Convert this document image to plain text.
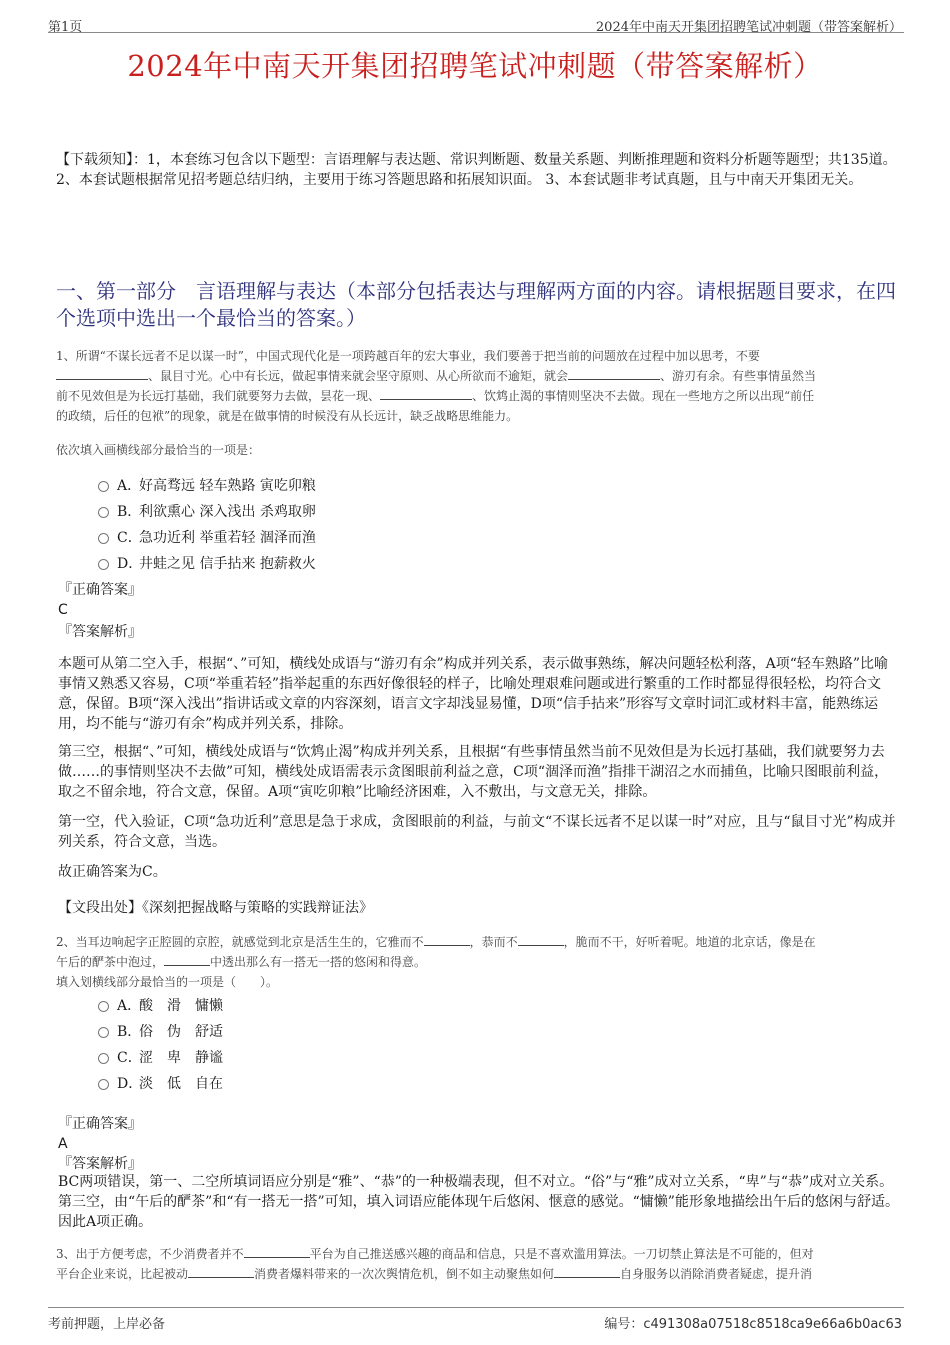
第1页	2024年中南天开集团招聘笔试冲刺题（带答案解析）
2024年中南天开集团招聘笔试冲刺题（带答案解析）
【下载须知】：1，本套练习包含以下题型：言语理解与表达题、常识判断题、数量关系题、判断推理题和资料分析题等题型；共135道。 2、本套试题根据常见招考题总结归纳，主要用于练习答题思路和拓展知识面。 3、本套试题非考试真题，且与中南天开集团无关。
一、第一部分　言语理解与表达（本部分包括表达与理解两方面的内容。请根据题目要求，在四个选项中选出一个最恰当的答案。）
1、所谓“不谋长远者不足以谋一时”，中国式现代化是一项跨越百年的宏大事业，我们要善于把当前的问题放在过程中加以思考，不要
、鼠目寸光。心中有长远，做起事情来就会坚守原则、从心所欲而不逾矩，就会	、游刃有余。有些事情虽然当
前不见效但是为长远打基础，我们就要努力去做，昙花一现、	、饮鸩止渴的事情则坚决不去做。现在一些地方之所以出现“前任
的政绩，后任的包袱”的现象，就是在做事情的时候没有从长远计，缺乏战略思维能力。
依次填入画横线部分最恰当的一项是：
A．好高骛远 轻车熟路 寅吃卯粮
B．利欲熏心 深入浅出 杀鸡取卵
C．急功近利 举重若轻 涸泽而渔
D．井蛙之见 信手拈来 抱薪救火
『正确答案』
C
『答案解析』
本题可从第二空入手，根据“、”可知，横线处成语与“游刃有余”构成并列关系，表示做事熟练，解决问题轻松利落，A项“轻车熟路”比喻事情又熟悉又容易，C项“举重若轻”指举起重的东西好像很轻的样子，比喻处理艰难问题或进行繁重的工作时都显得很轻松，均符合文意，保留。B项“深入浅出”指讲话或文章的内容深刻，语言文字却浅显易懂，D项“信手拈来”形容写文章时词汇或材料丰富，能熟练运用，均不能与“游刃有余”构成并列关系，排除。
第三空，根据“、”可知，横线处成语与“饮鸩止渴”构成并列关系，且根据“有些事情虽然当前不见效但是为长远打基础，我们就要努力去做……的事情则坚决不去做”可知，横线处成语需表示贪图眼前利益之意，C项“涸泽而渔”指排干湖沼之水而捕鱼，比喻只图眼前利益，取之不留余地，符合文意，保留。A项“寅吃卯粮”比喻经济困难，入不敷出，与文意无关，排除。
第一空，代入验证，C项“急功近利”意思是急于求成，贪图眼前的利益，与前文“不谋长远者不足以谋一时”对应，且与“鼠目寸光”构成并列关系，符合文意，当选。
故正确答案为C。
【文段出处】《深刻把握战略与策略的实践辩证法》
2、当耳边响起字正腔圆的京腔，就感觉到北京是活生生的，它雅而不	，恭而不	，脆而不干，好听着呢。地道的北京话，像是在
午后的酽茶中泡过，	中透出那么有一搭无一搭的悠闲和得意。
填入划横线部分最恰当的一项是（　　）。
A．酸　滑　慵懒
B．俗　伪　舒适
C．涩　卑　静谧
D．淡　低　自在
『正确答案』
A
『答案解析』
BC两项错误，第一、二空所填词语应分别是“雅”、“恭”的一种极端表现，但不对立。“俗”与“雅”成对立关系，“卑”与“恭”成对立关系。第三空，由“午后的酽茶”和“有一搭无一搭”可知，填入词语应能体现午后悠闲、惬意的感觉。“慵懒”能形象地描绘出午后的悠闲与舒适。因此A项正确。
3、出于方便考虑，不少消费者并不	平台为自己推送感兴趣的商品和信息，只是不喜欢滥用算法。一刀切禁止算法是不可能的，但对
平台企业来说，比起被动	消费者爆料带来的一次次舆情危机，倒不如主动聚焦如何	自身服务以消除消费者疑虑，提升消
考前押题，上岸必备	编号：c491308a07518c8518ca9e66a6b0ac63
